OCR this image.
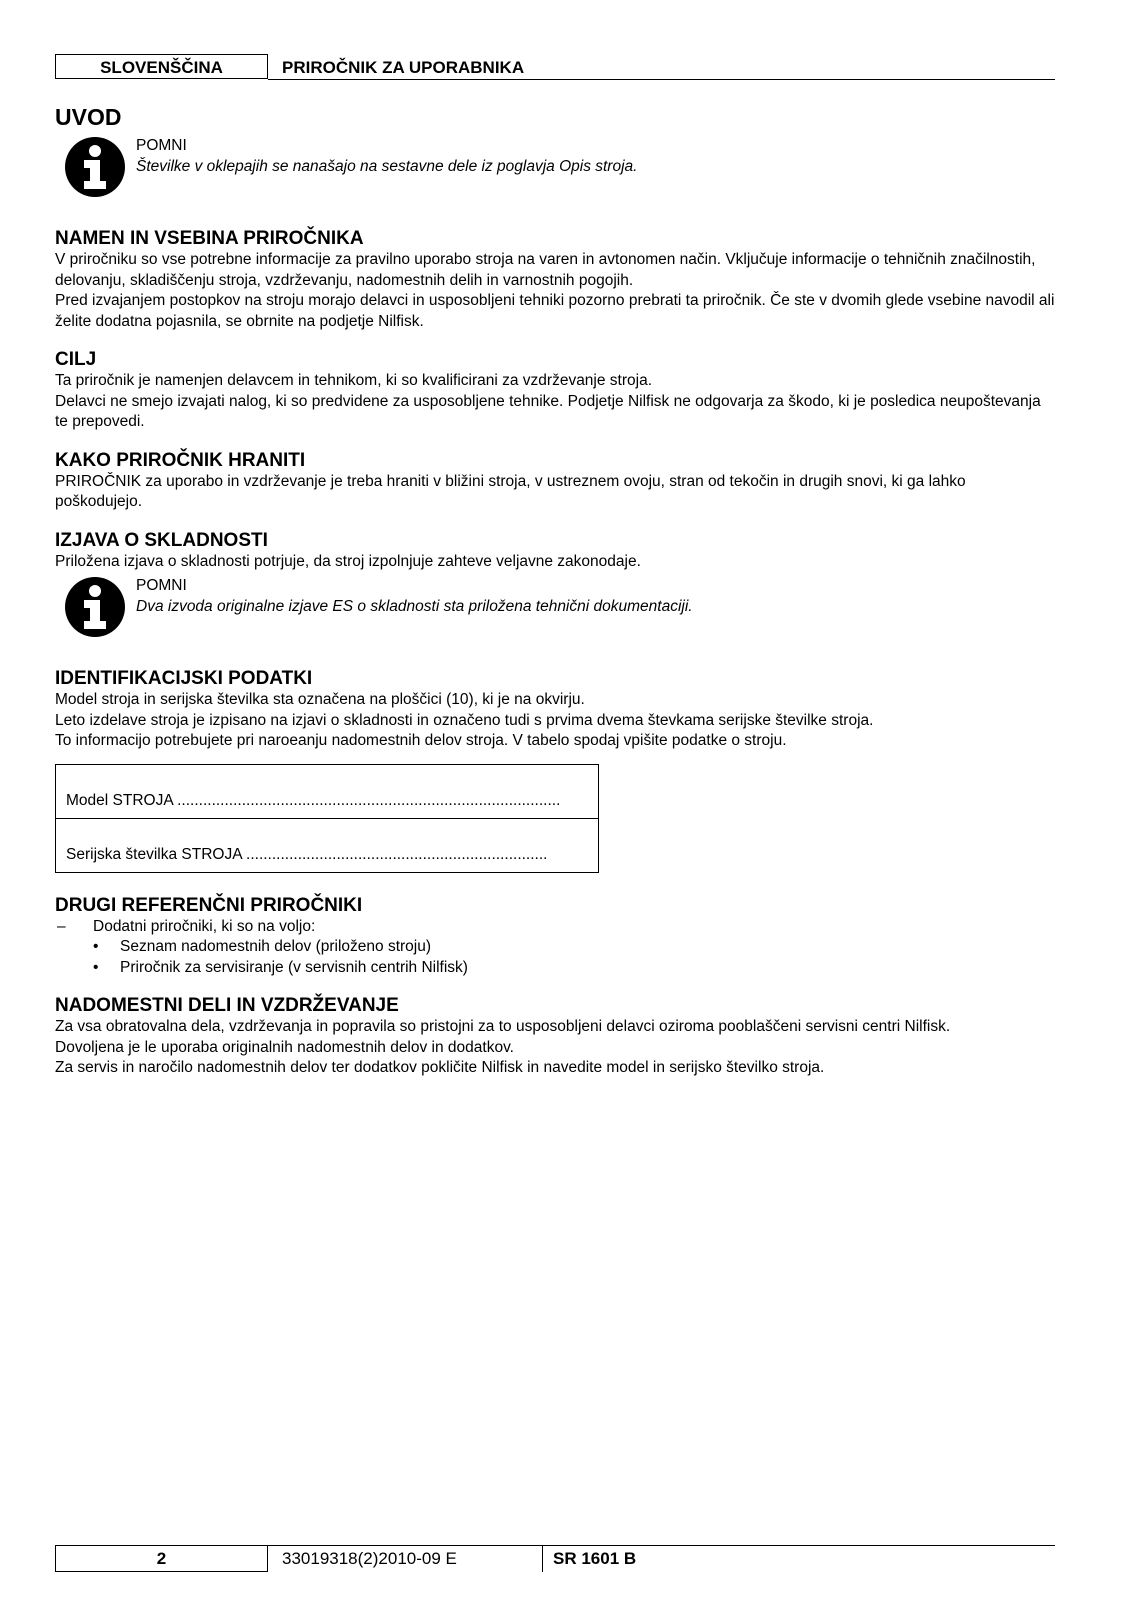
SLOVENŠČINA	PRIROČNIK ZA UPORABNIKA
UVOD

POMNI

Številke v oklepajih se nanašajo na sestavne dele iz poglavja Opis stroja.

NAMEN IN VSEBINA PRIROČNIKA

V priročniku so vse potrebne informacije za pravilno uporabo stroja na varen in avtonomen način. Vključuje informacije o tehničnih značilnostih, delovanju, skladiščenju stroja, vzdrževanju, nadomestnih delih in varnostnih pogojih.

Pred izvajanjem postopkov na stroju morajo delavci in usposobljeni tehniki pozorno prebrati ta priročnik. Če ste v dvomih glede vsebine navodil ali želite dodatna pojasnila, se obrnite na podjetje Nilfisk.

CILJ

Ta priročnik je namenjen delavcem in tehnikom, ki so kvalificirani za vzdrževanje stroja.

Delavci ne smejo izvajati nalog, ki so predvidene za usposobljene tehnike. Podjetje Nilfisk ne odgovarja za škodo, ki je posledica neupoštevanja te prepovedi.

KAKO PRIROČNIK HRANITI

PRIROČNIK za uporabo in vzdrževanje je treba hraniti v bližini stroja, v ustreznem ovoju, stran od tekočin in drugih snovi, ki ga lahko poškodujejo.

IZJAVA O SKLADNOSTI

Priložena izjava o skladnosti potrjuje, da stroj izpolnjuje zahteve veljavne zakonodaje.

POMNI

Dva izvoda originalne izjave ES o skladnosti sta priložena tehnični dokumentaciji.

IDENTIFIKACIJSKI PODATKI

Model stroja in serijska številka sta označena na ploščici (10), ki je na okvirju.

Leto izdelave stroja je izpisano na izjavi o skladnosti in označeno tudi s prvima dvema števkama serijske številke stroja.

To informacijo potrebujete pri naroeanju nadomestnih delov stroja. V tabelo spodaj vpišite podatke o stroju.

Model STROJA .........................................................................................
Serijska številka STROJA ......................................................................
DRUGI REFERENČNI PRIROČNIKI
– Dodatni priročniki, ki so na voljo:
• Seznam nadomestnih delov (priloženo stroju)
• Priročnik za servisiranje (v servisnih centrih Nilfisk)
NADOMESTNI DELI IN VZDRŽEVANJE

Za vsa obratovalna dela, vzdrževanja in popravila so pristojni za to usposobljeni delavci oziroma pooblaščeni servisni centri Nilfisk.

Dovoljena je le uporaba originalnih nadomestnih delov in dodatkov.

Za servis in naročilo nadomestnih delov ter dodatkov pokličite Nilfisk in navedite model in serijsko številko stroja.

2	33019318(2)2010-09 E	SR 1601 B
